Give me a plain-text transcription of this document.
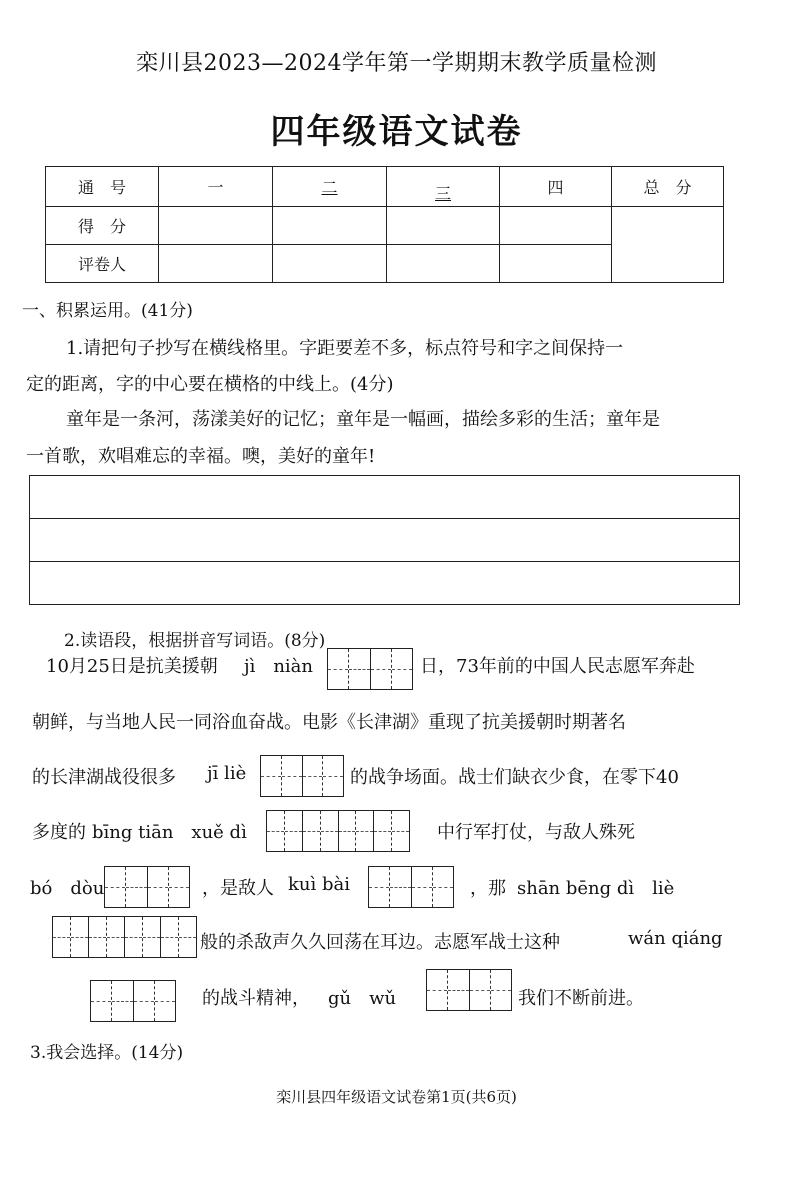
栾川县2023—2024学年第一学期期末教学质量检测
四年级语文试卷
通　号	一	二	三	四	总　分
得　分					
评卷人					
一、积累运用。(41分)
1.请把句子抄写在横线格里。字距要差不多，标点符号和字之间保持一
定的距离，字的中心要在横格的中线上。(4分)
童年是一条河，荡漾美好的记忆；童年是一幅画，描绘多彩的生活；童年是
一首歌，欢唱难忘的幸福。噢，美好的童年!
2.读语段，根据拼音写词语。(8分)
10月25日是抗美援朝 jì　niàn	日，73年前的中国人民志愿军奔赴
朝鲜，与当地人民一同浴血奋战。电影《长津湖》重现了抗美援朝时期著名
的长津湖战役很多 jī liè	的战争场面。战士们缺衣少食，在零下40
多度的 bīng tiān　xuě dì	中行军打仗，与敌人殊死
bó　dòu	，是敌人 kuì bài	，那 shān bēng dì　liè
般的杀敌声久久回荡在耳边。志愿军战士这种	wán qiáng
的战斗精神， gǔ　wǔ	我们不断前进。
3.我会选择。(14分)
栾川县四年级语文试卷第1页(共6页)
